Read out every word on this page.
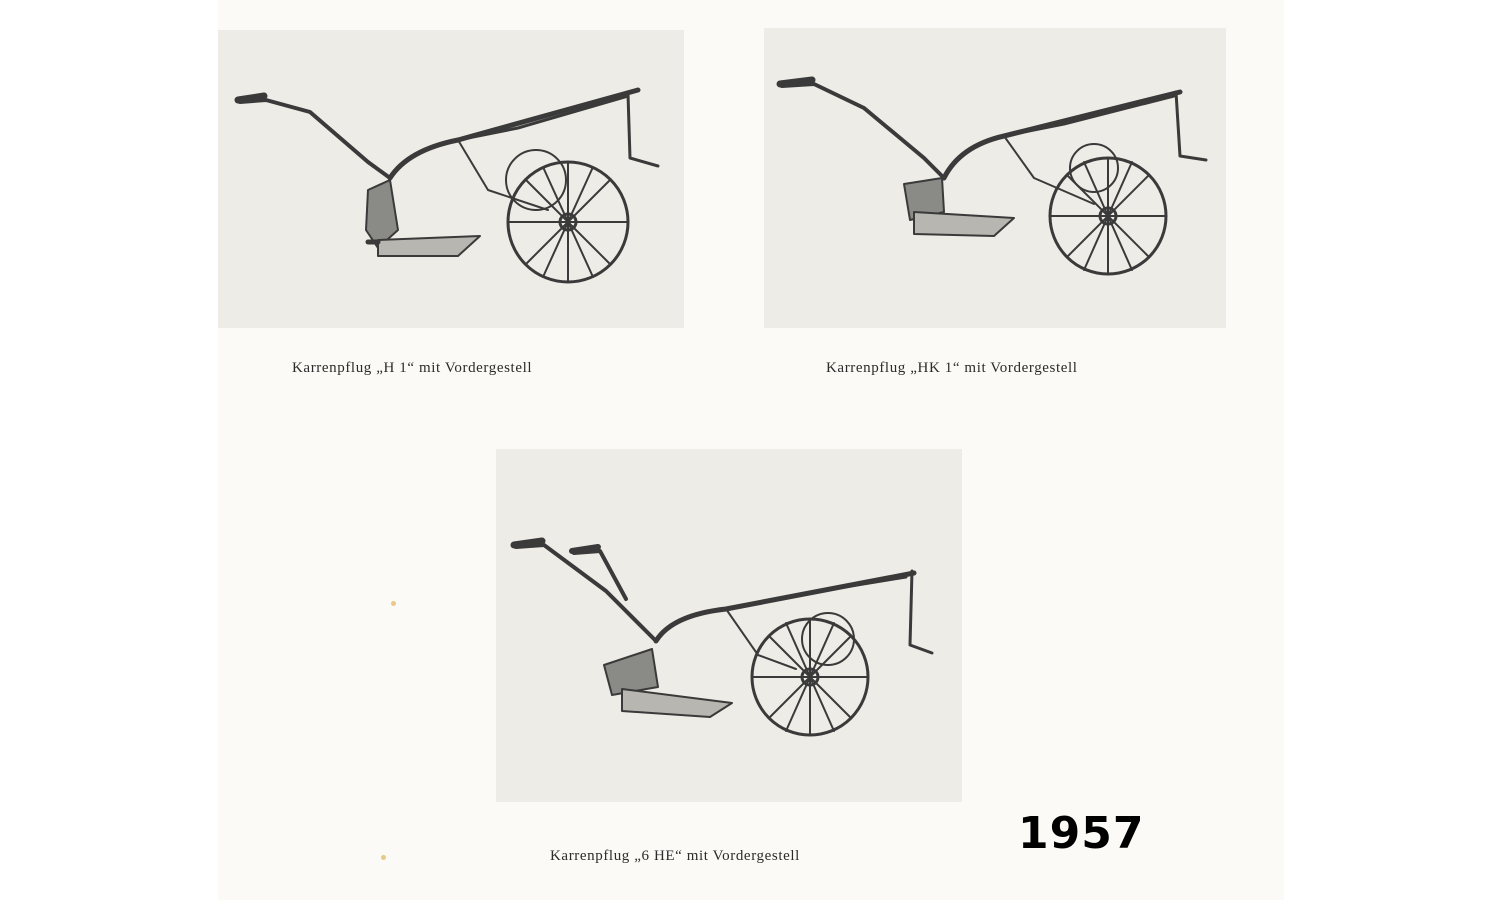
Karrenpflug „H 1“ mit Vordergestell	Karrenpflug „HK 1“ mit Vordergestell
Karrenpflug „6 HE“ mit Vordergestell	1957
